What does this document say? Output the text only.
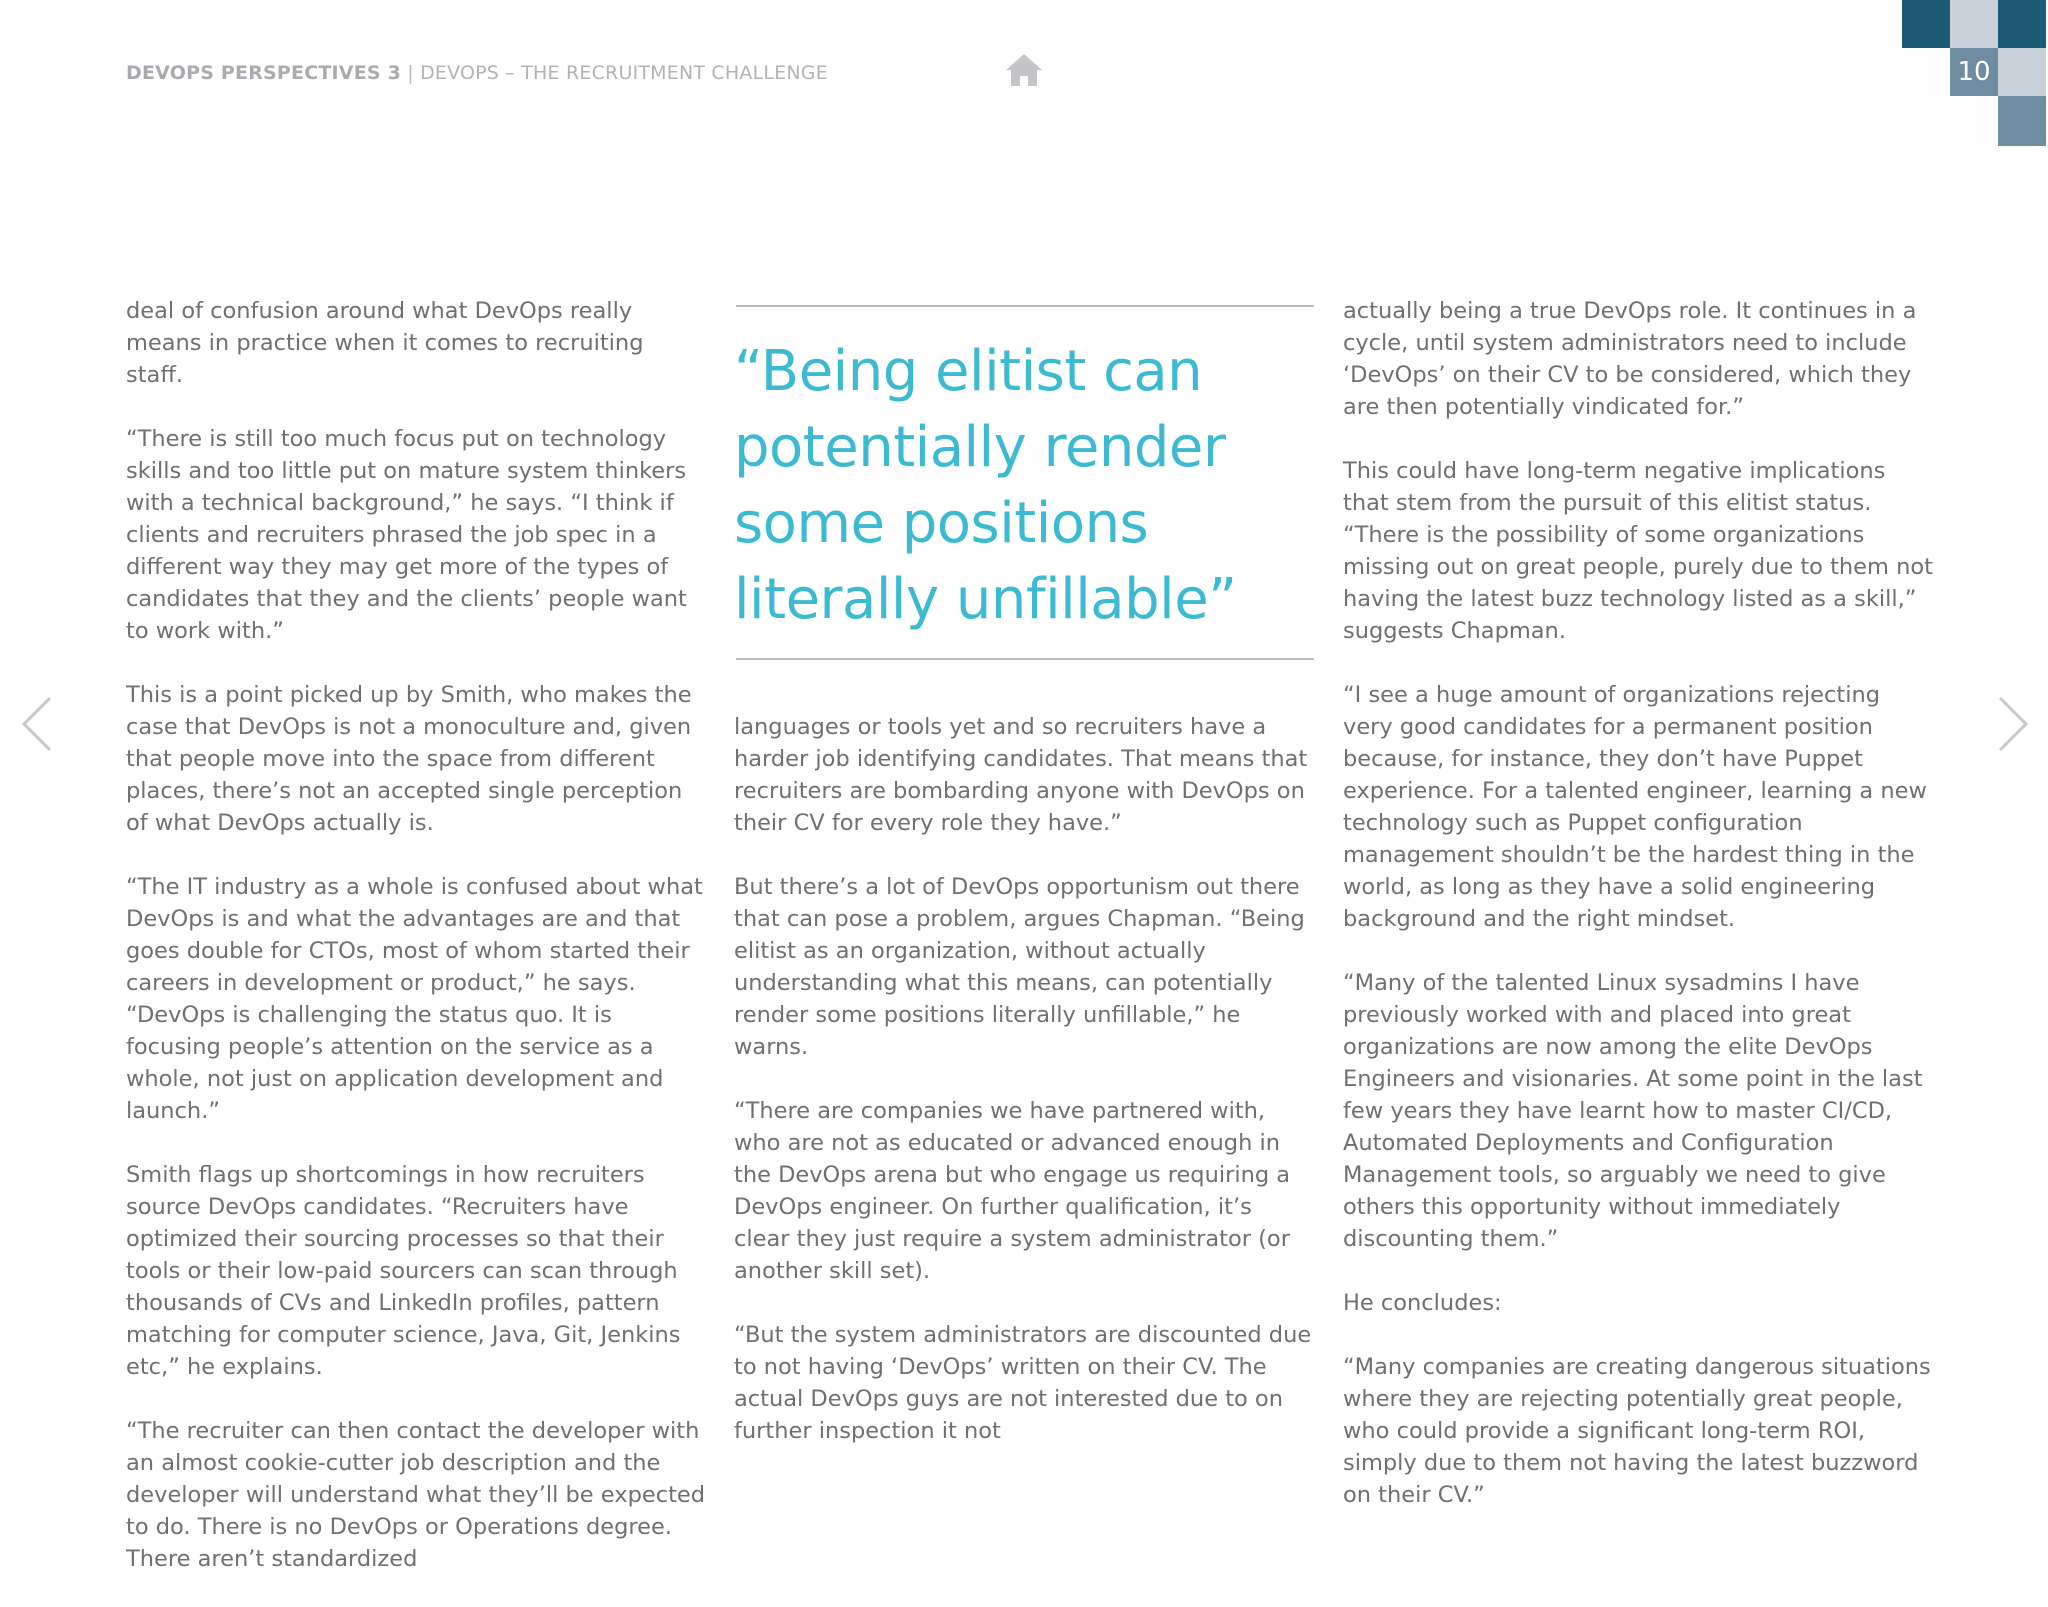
DEVOPS PERSPECTIVES 3 | DEVOPS – THE RECRUITMENT CHALLENGE	10

deal of confusion around what DevOps really means in practice when it comes to recruiting staff.

“There is still too much focus put on technology skills and too little put on mature system thinkers with a technical background,” he says. “I think if clients and recruiters phrased the job spec in a different way they may get more of the types of candidates that they and the clients’ people want to work with.”

This is a point picked up by Smith, who makes the case that DevOps is not a monoculture and, given that people move into the space from different places, there’s not an accepted single perception of what DevOps actually is.

“The IT industry as a whole is confused about what DevOps is and what the advantages are and that goes double for CTOs, most of whom started their careers in development or product,” he says. “DevOps is challenging the status quo. It is focusing people’s attention on the service as a whole, not just on application development and launch.”

Smith flags up shortcomings in how recruiters source DevOps candidates. “Recruiters have optimized their sourcing processes so that their tools or their low-paid sourcers can scan through thousands of CVs and LinkedIn profiles, pattern matching for computer science, Java, Git, Jenkins etc,” he explains.

“The recruiter can then contact the developer with an almost cookie-cutter job description and the developer will understand what they’ll be expected to do. There is no DevOps or Operations degree. There aren’t standardized

“Being elitist can potentially render some positions literally unfillable”

languages or tools yet and so recruiters have a harder job identifying candidates. That means that recruiters are bombarding anyone with DevOps on their CV for every role they have.”

But there’s a lot of DevOps opportunism out there that can pose a problem, argues Chapman. “Being elitist as an organization, without actually understanding what this means, can potentially render some positions literally unfillable,” he warns.

“There are companies we have partnered with, who are not as educated or advanced enough in the DevOps arena but who engage us requiring a DevOps engineer. On further qualification, it’s clear they just require a system administrator (or another skill set).

“But the system administrators are discounted due to not having ‘DevOps’ written on their CV. The actual DevOps guys are not interested due to on further inspection it not

actually being a true DevOps role. It continues in a cycle, until system administrators need to include ‘DevOps’ on their CV to be considered, which they are then potentially vindicated for.”

This could have long-term negative implications that stem from the pursuit of this elitist status. “There is the possibility of some organizations missing out on great people, purely due to them not having the latest buzz technology listed as a skill,” suggests Chapman.

“I see a huge amount of organizations rejecting very good candidates for a permanent position because, for instance, they don’t have Puppet experience. For a talented engineer, learning a new technology such as Puppet configuration management shouldn’t be the hardest thing in the world, as long as they have a solid engineering background and the right mindset.

“Many of the talented Linux sysadmins I have previously worked with and placed into great organizations are now among the elite DevOps Engineers and visionaries. At some point in the last few years they have learnt how to master CI/CD, Automated Deployments and Configuration Management tools, so arguably we need to give others this opportunity without immediately discounting them.”

He concludes:

“Many companies are creating dangerous situations where they are rejecting potentially great people, who could provide a significant long-term ROI, simply due to them not having the latest buzzword on their CV.”
